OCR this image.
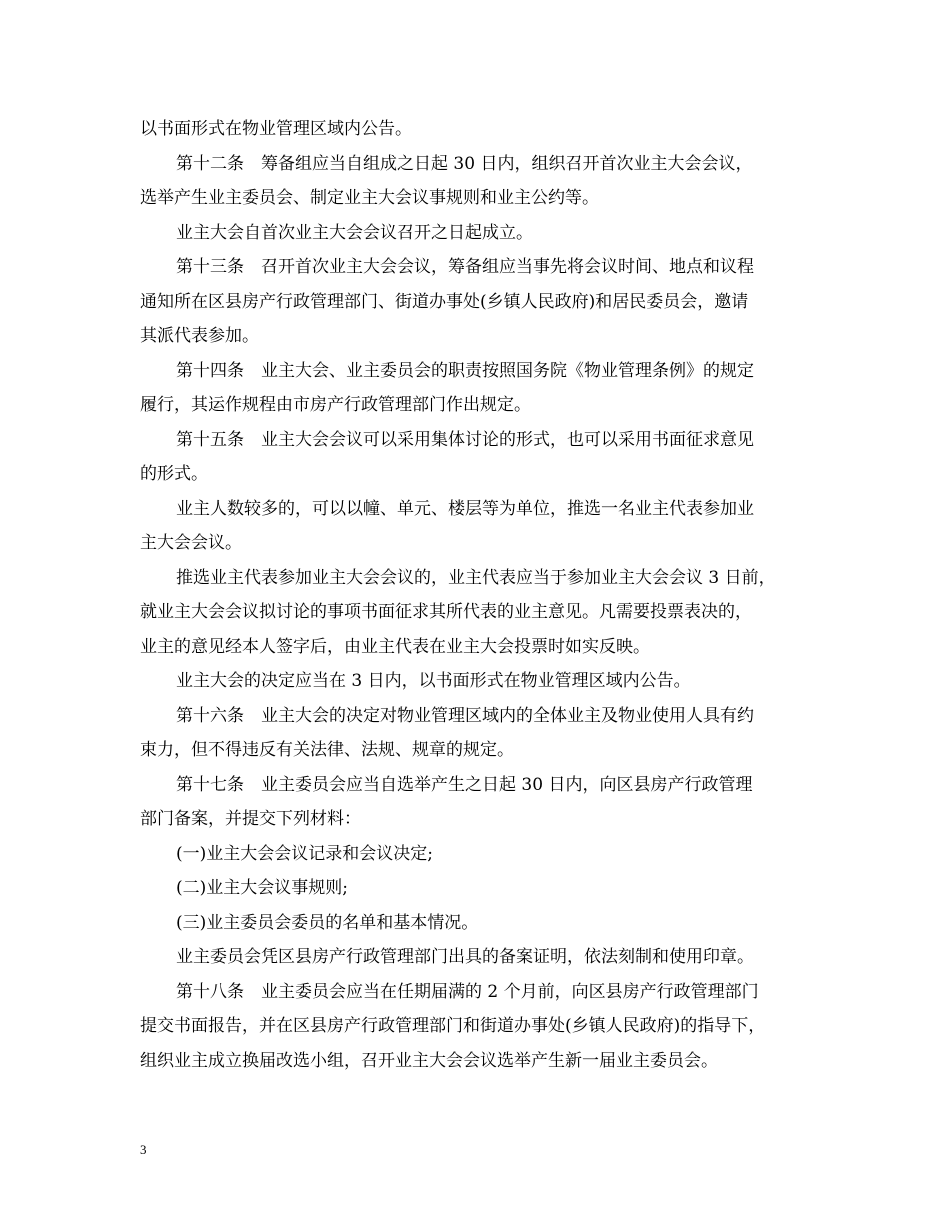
以书面形式在物业管理区域内公告。
第十二条　筹备组应当自组成之日起 30 日内，组织召开首次业主大会会议，
选举产生业主委员会、制定业主大会议事规则和业主公约等。
业主大会自首次业主大会会议召开之日起成立。
第十三条　召开首次业主大会会议，筹备组应当事先将会议时间、地点和议程
通知所在区县房产行政管理部门、街道办事处(乡镇人民政府)和居民委员会，邀请
其派代表参加。
第十四条　业主大会、业主委员会的职责按照国务院《物业管理条例》的规定
履行，其运作规程由市房产行政管理部门作出规定。
第十五条　业主大会会议可以采用集体讨论的形式，也可以采用书面征求意见
的形式。
业主人数较多的，可以以幢、单元、楼层等为单位，推选一名业主代表参加业
主大会会议。
推选业主代表参加业主大会会议的，业主代表应当于参加业主大会会议 3 日前，
就业主大会会议拟讨论的事项书面征求其所代表的业主意见。凡需要投票表决的，
业主的意见经本人签字后，由业主代表在业主大会投票时如实反映。
业主大会的决定应当在 3 日内，以书面形式在物业管理区域内公告。
第十六条　业主大会的决定对物业管理区域内的全体业主及物业使用人具有约
束力，但不得违反有关法律、法规、规章的规定。
第十七条　业主委员会应当自选举产生之日起 30 日内，向区县房产行政管理
部门备案，并提交下列材料：
(一)业主大会会议记录和会议决定;
(二)业主大会议事规则;
(三)业主委员会委员的名单和基本情况。
业主委员会凭区县房产行政管理部门出具的备案证明，依法刻制和使用印章。
第十八条　业主委员会应当在任期届满的 2 个月前，向区县房产行政管理部门
提交书面报告，并在区县房产行政管理部门和街道办事处(乡镇人民政府)的指导下，
组织业主成立换届改选小组，召开业主大会会议选举产生新一届业主委员会。
3
